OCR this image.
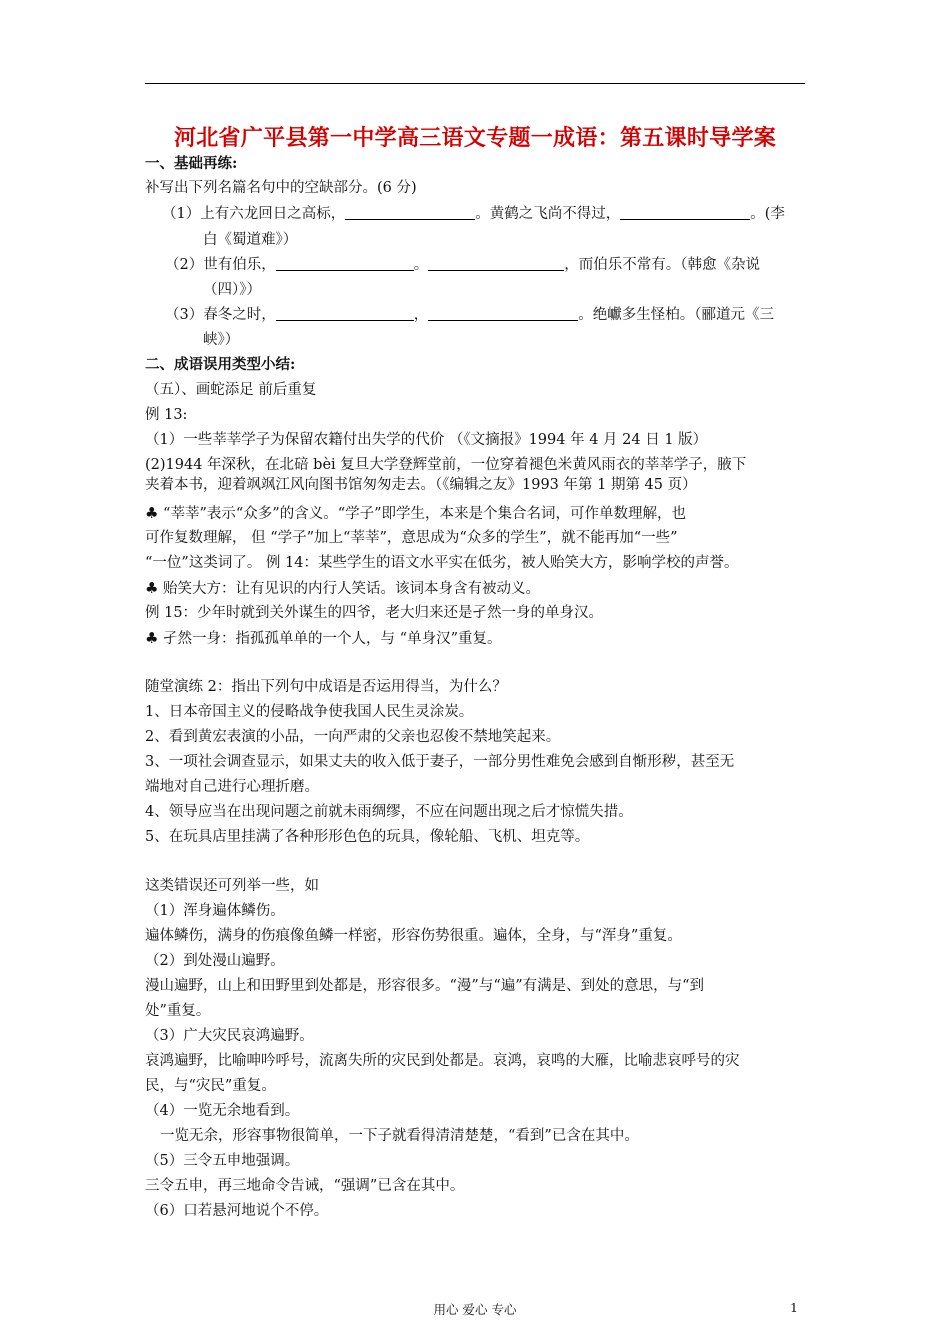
河北省广平县第一中学高三语文专题一成语：第五课时导学案
一、基础再练:
补写出下列名篇名句中的空缺部分。(6 分)
（1）上有六龙回日之高标，	。黄鹤之飞尚不得过，	。(李
白《蜀道难》）
（2）世有伯乐，	。	，而伯乐不常有。（韩愈《杂说
（四）》）
（3）春冬之时，	，	。绝巘多生怪柏。（郦道元《三
峡》）
二、成语误用类型小结:
（五）、画蛇添足 前后重复
例 13:
（1）一些莘莘学子为保留农籍付出失学的代价 （《文摘报》1994 年 4 月 24 日 1 版）
(2)1944 年深秋，在北碚 bèi 复旦大学登辉堂前，一位穿着褪色米黄风雨衣的莘莘学子，腋下
夹着本书，迎着飒飒江风向图书馆匆匆走去。（《编辑之友》1993 年第 1 期第 45 页）
♣ “莘莘”表示“众多”的含义。“学子”即学生，本来是个集合名词，可作单数理解，也
可作复数理解， 但 “学子”加上“莘莘”，意思成为“众多的学生”，就不能再加“一些”
“一位”这类词了。 例 14：某些学生的语文水平实在低劣，被人贻笑大方，影响学校的声誉。
♣ 贻笑大方：让有见识的内行人笑话。该词本身含有被动义。
例 15：少年时就到关外谋生的四爷，老大归来还是孑然一身的单身汉。
♣ 孑然一身：指孤孤单单的一个人，与 “单身汉”重复。
随堂演练 2：指出下列句中成语是否运用得当，为什么？
1、日本帝国主义的侵略战争使我国人民生灵涂炭。
2、看到黄宏表演的小品，一向严肃的父亲也忍俊不禁地笑起来。
3、一项社会调查显示，如果丈夫的收入低于妻子，一部分男性难免会感到自惭形秽，甚至无
端地对自己进行心理折磨。
4、领导应当在出现问题之前就未雨绸缪，不应在问题出现之后才惊慌失措。
5、在玩具店里挂满了各种形形色色的玩具，像轮船、飞机、坦克等。
这类错误还可列举一些，如
（1）浑身遍体鳞伤。
遍体鳞伤，满身的伤痕像鱼鳞一样密，形容伤势很重。遍体，全身，与“浑身”重复。
（2）到处漫山遍野。
漫山遍野，山上和田野里到处都是，形容很多。“漫”与“遍”有满是、到处的意思，与“到
处”重复。
（3）广大灾民哀鸿遍野。
哀鸿遍野，比喻呻吟呼号，流离失所的灾民到处都是。哀鸿，哀鸣的大雁，比喻悲哀呼号的灾
民，与“灾民”重复。
（4）一览无余地看到。
一览无余，形容事物很简单，一下子就看得清清楚楚，“看到”已含在其中。
（5）三令五申地强调。
三令五申，再三地命令告诫，“强调”已含在其中。
（6）口若悬河地说个不停。
用心 爱心 专心	1
